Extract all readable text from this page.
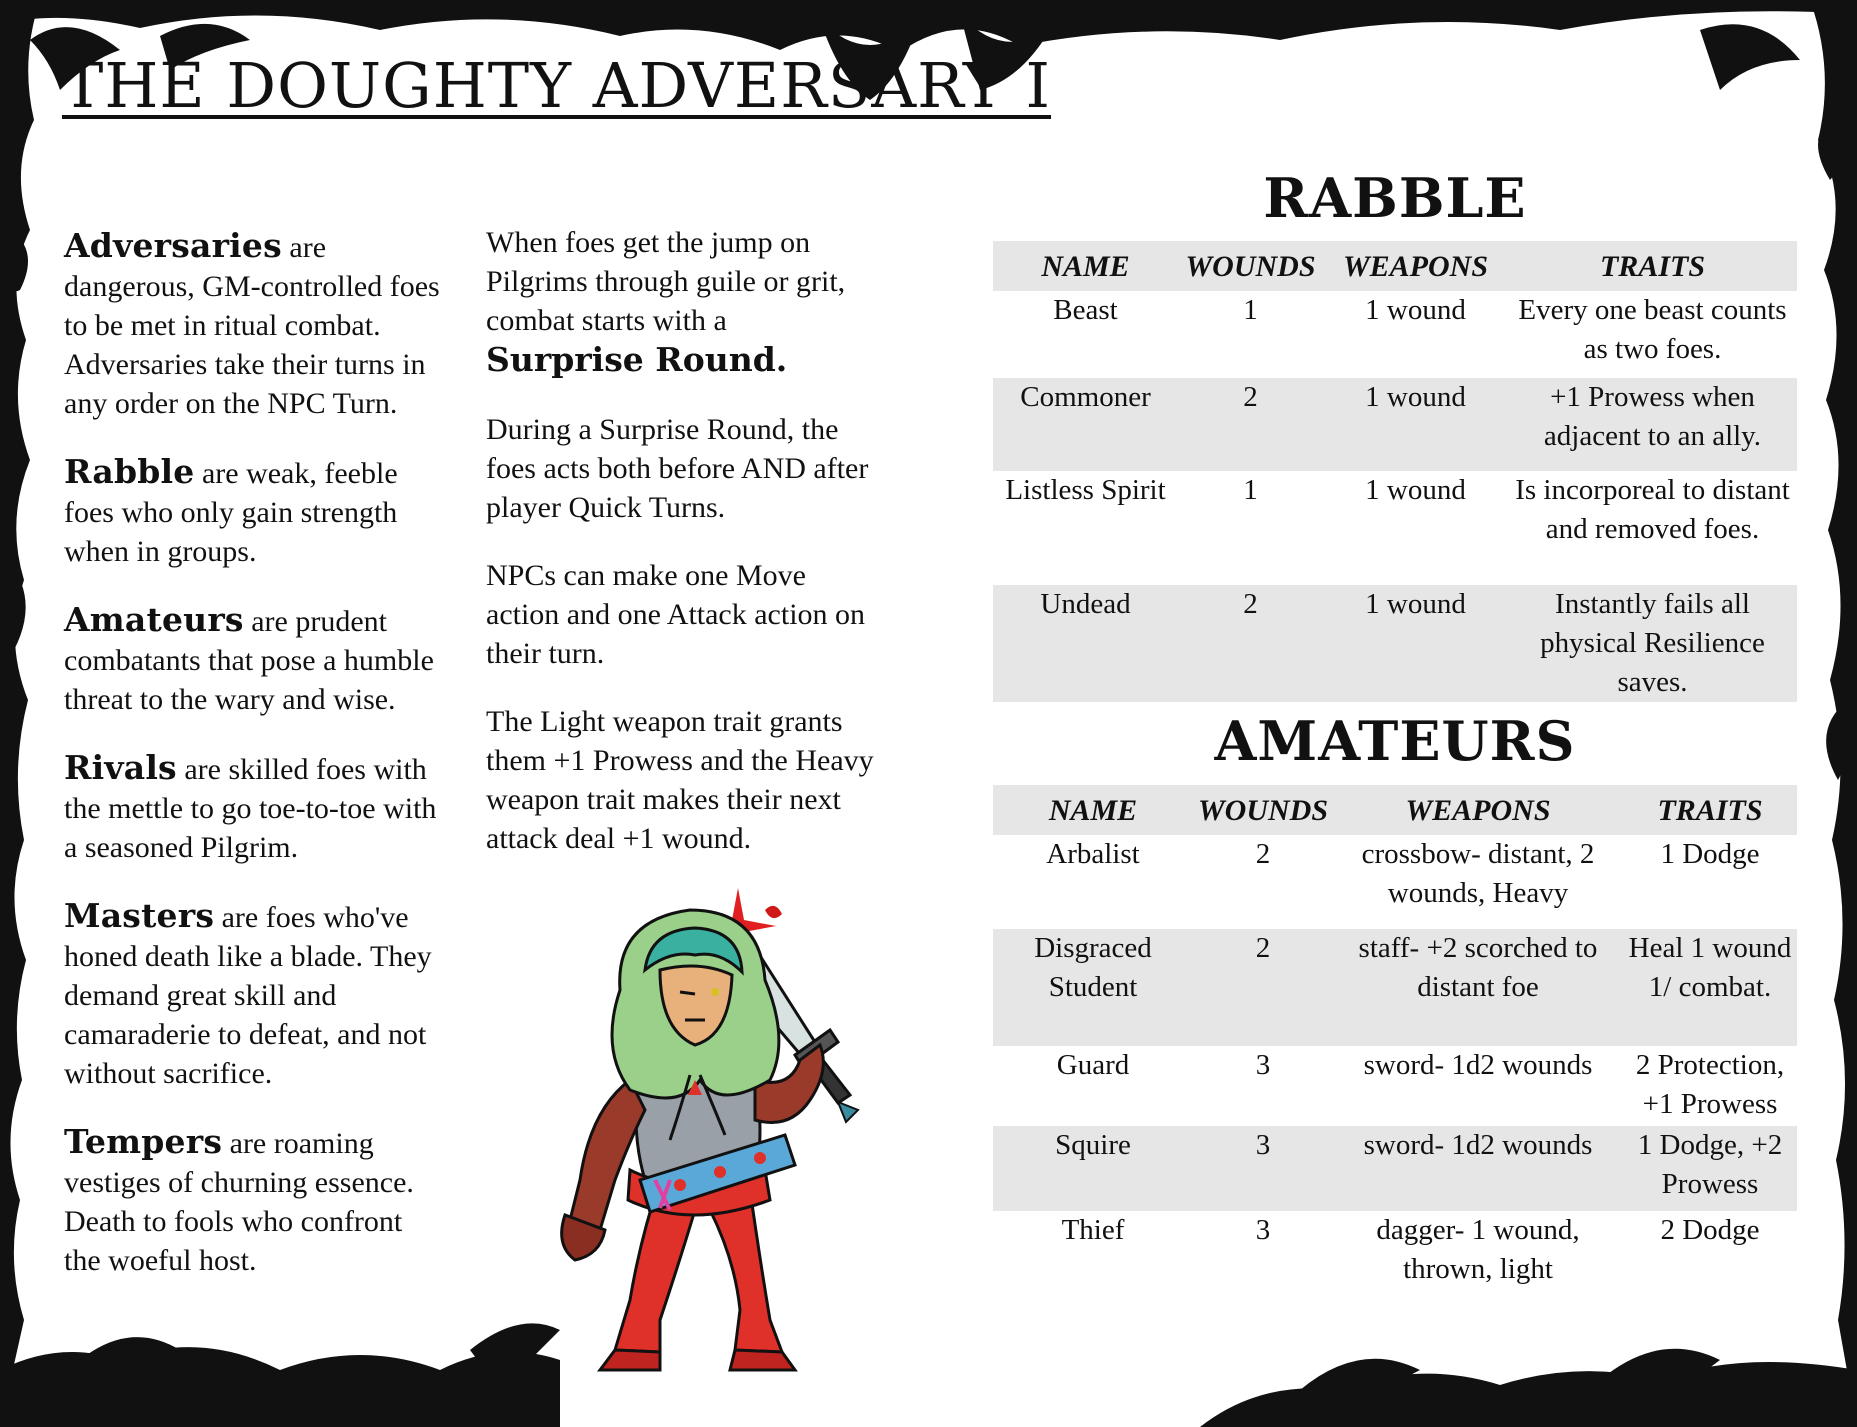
THE DOUGHTY ADVERSARY I

Adversaries are dangerous, GM-controlled foes to be met in ritual combat. Adversaries take their turns in any order on the NPC Turn.

Rabble are weak, feeble foes who only gain strength when in groups.

Amateurs are prudent combatants that pose a humble threat to the wary and wise.

Rivals are skilled foes with the mettle to go toe-to-toe with a seasoned Pilgrim.

Masters are foes who've honed death like a blade. They demand great skill and camaraderie to defeat, and not without sacrifice.

Tempers are roaming vestiges of churning essence. Death to fools who confront the woeful host.

When foes get the jump on Pilgrims through guile or grit, combat starts with a
Surprise Round.

During a Surprise Round, the foes acts both before AND after player Quick Turns.

NPCs can make one Move action and one Attack action on their turn.

The Light weapon trait grants them +1 Prowess and the Heavy weapon trait makes their next attack deal +1 wound.

RABBLE
NAME	WOUNDS	WEAPONS	TRAITS
Beast	1	1 wound	Every one beast counts as two foes.
Commoner	2	1 wound	+1 Prowess when adjacent to an ally.
Listless Spirit	1	1 wound	Is incorporeal to distant and removed foes.
Undead	2	1 wound	Instantly fails all physical Resilience saves.
AMATEURS
NAME	WOUNDS	WEAPONS	TRAITS
Arbalist	2	crossbow- distant, 2 wounds, Heavy	1 Dodge
Disgraced Student	2	staff- +2 scorched to distant foe	Heal 1 wound 1/ combat.
Guard	3	sword- 1d2 wounds	2 Protection, +1 Prowess
Squire	3	sword- 1d2 wounds	1 Dodge, +2 Prowess
Thief	3	dagger- 1 wound, thrown, light	2 Dodge
37	38
